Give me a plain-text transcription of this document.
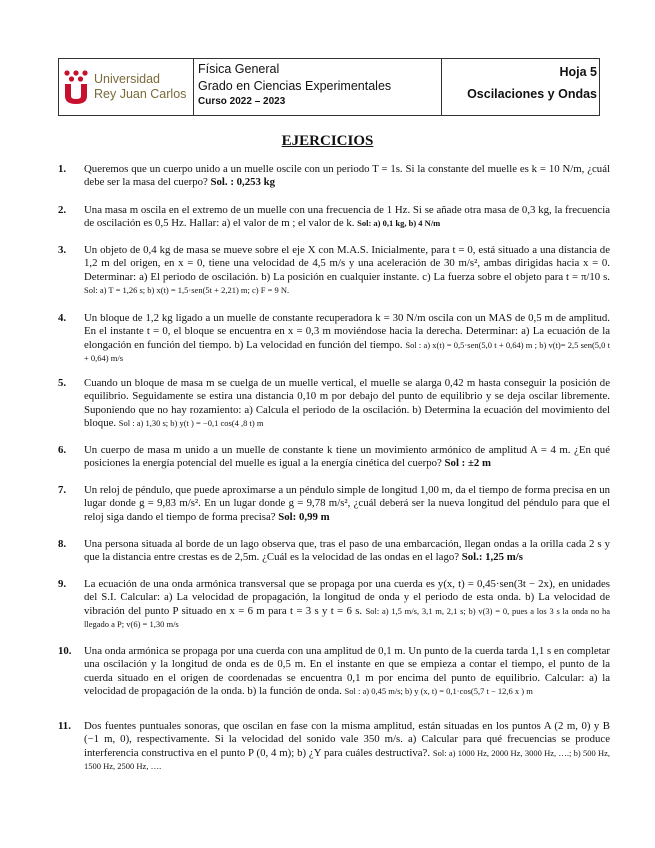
Universidad
Rey Juan Carlos
Física General
Grado en Ciencias Experimentales
Curso 2022 – 2023
Hoja 5
Oscilaciones y Ondas
EJERCICIOS
1. Queremos que un cuerpo unido a un muelle oscile con un periodo T = 1s. Si la constante del muelle es k = 10 N/m, ¿cuál debe ser la masa del cuerpo? Sol. : 0,253 kg
2. Una masa m oscila en el extremo de un muelle con una frecuencia de 1 Hz. Si se añade otra masa de 0,3 kg, la frecuencia de oscilación es 0,5 Hz. Hallar: a) el valor de m ; el valor de k. Sol: a) 0,1 kg, b) 4 N/m
3. Un objeto de 0,4 kg de masa se mueve sobre el eje X con M.A.S. Inicialmente, para t = 0, está situado a una distancia de 1,2 m del origen, en x = 0, tiene una velocidad de 4,5 m/s y una aceleración de 30 m/s², ambas dirigidas hacia x = 0. Determinar: a) El periodo de oscilación. b) La posición en cualquier instante. c) La fuerza sobre el objeto para t = π/10 s. Sol: a) T = 1,26 s; b) x(t) = 1,5·sen(5t + 2,21) m; c) F = 9 N.
4. Un bloque de 1,2 kg ligado a un muelle de constante recuperadora k = 30 N/m oscila con un MAS de 0,5 m de amplitud. En el instante t = 0, el bloque se encuentra en x = 0,3 m moviéndose hacia la derecha. Determinar: a) La ecuación de la elongación en función del tiempo. b) La velocidad en función del tiempo. Sol : a) x(t) = 0,5·sen(5,0 t + 0,64) m ; b) v(t)= 2,5 sen(5,0 t + 0,64) m/s
5. Cuando un bloque de masa m se cuelga de un muelle vertical, el muelle se alarga 0,42 m hasta conseguir la posición de equilibrio. Seguidamente se estira una distancia 0,10 m por debajo del punto de equilibrio y se deja oscilar libremente. Suponiendo que no hay rozamiento: a) Calcula el periodo de la oscilación. b) Determina la ecuación del movimiento del bloque. Sol : a) 1,30 s; b) y(t ) = −0,1 cos(4 ,8 t) m
6. Un cuerpo de masa m unido a un muelle de constante k tiene un movimiento armónico de amplitud A = 4 m. ¿En qué posiciones la energía potencial del muelle es igual a la energía cinética del cuerpo? Sol : ±2 m
7. Un reloj de péndulo, que puede aproximarse a un péndulo simple de longitud 1,00 m, da el tiempo de forma precisa en un lugar donde g = 9,83 m/s². En un lugar donde g = 9,78 m/s², ¿cuál deberá ser la nueva longitud del péndulo para que el reloj siga dando el tiempo de forma precisa? Sol: 0,99 m
8. Una persona situada al borde de un lago observa que, tras el paso de una embarcación, llegan ondas a la orilla cada 2 s y que la distancia entre crestas es de 2,5m. ¿Cuál es la velocidad de las ondas en el lago? Sol.: 1,25 m/s
9. La ecuación de una onda armónica transversal que se propaga por una cuerda es y(x, t) = 0,45·sen(3t − 2x), en unidades del S.I. Calcular: a) La velocidad de propagación, la longitud de onda y el periodo de esta onda. b) La velocidad de vibración del punto P situado en x = 6 m para t = 3 s y t = 6 s. Sol: a) 1,5 m/s, 3,1 m, 2,1 s; b) v(3) = 0, pues a los 3 s la onda no ha llegado a P; v(6) = 1,30 m/s
10. Una onda armónica se propaga por una cuerda con una amplitud de 0,1 m. Un punto de la cuerda tarda 1,1 s en completar una oscilación y la longitud de onda es de 0,5 m. En el instante en que se empieza a contar el tiempo, el punto de la cuerda situado en el origen de coordenadas se encuentra 0,1 m por encima del punto de equilibrio. Calcular: a) la velocidad de propagación de la onda. b) la función de onda. Sol : a) 0,45 m/s; b) y (x, t) = 0,1·cos(5,7 t − 12,6 x ) m
11. Dos fuentes puntuales sonoras, que oscilan en fase con la misma amplitud, están situadas en los puntos A (2 m, 0) y B (−1 m, 0), respectivamente. Si la velocidad del sonido vale 350 m/s. a) Calcular para qué frecuencias se produce interferencia constructiva en el punto P (0, 4 m); b) ¿Y para cuáles destructiva?. Sol: a) 1000 Hz, 2000 Hz, 3000 Hz, ….; b) 500 Hz, 1500 Hz, 2500 Hz, ….
